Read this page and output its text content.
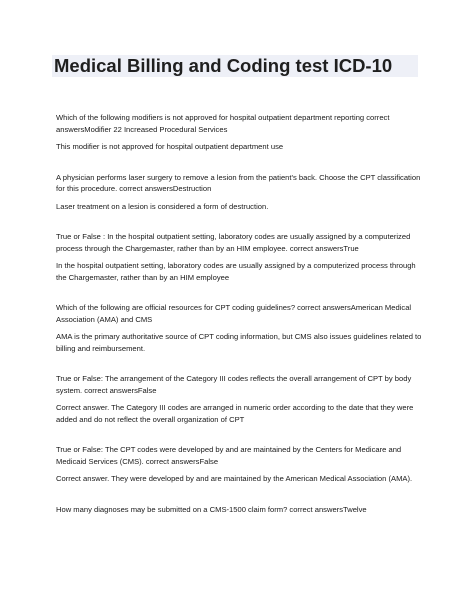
Medical Billing and Coding test ICD-10

Which of the following modifiers is not approved for hospital outpatient department reporting correct answersModifier 22 Increased Procedural Services

This modifier is not approved for hospital outpatient department use

A physician performs laser surgery to remove a lesion from the patient's back. Choose the CPT classification for this procedure. correct answersDestruction

Laser treatment on a lesion is considered a form of destruction.

True or False : In the hospital outpatient setting, laboratory codes are usually assigned by a computerized process through the Chargemaster, rather than by an HIM employee. correct answersTrue

In the hospital outpatient setting, laboratory codes are usually assigned by a computerized process through the Chargemaster, rather than by an HIM employee

Which of the following are official resources for CPT coding guidelines? correct answersAmerican Medical Association (AMA) and CMS

AMA is the primary authoritative source of CPT coding information, but CMS also issues guidelines related to billing and reimbursement.

True or False: The arrangement of the Category III codes reflects the overall arrangement of CPT by body system. correct answersFalse

Correct answer. The Category III codes are arranged in numeric order according to the date that they were added and do not reflect the overall organization of CPT

True or False: The CPT codes were developed by and are maintained by the Centers for Medicare and Medicaid Services (CMS). correct answersFalse

Correct answer. They were developed by and are maintained by the American Medical Association (AMA).

How many diagnoses may be submitted on a CMS-1500 claim form? correct answersTwelve
